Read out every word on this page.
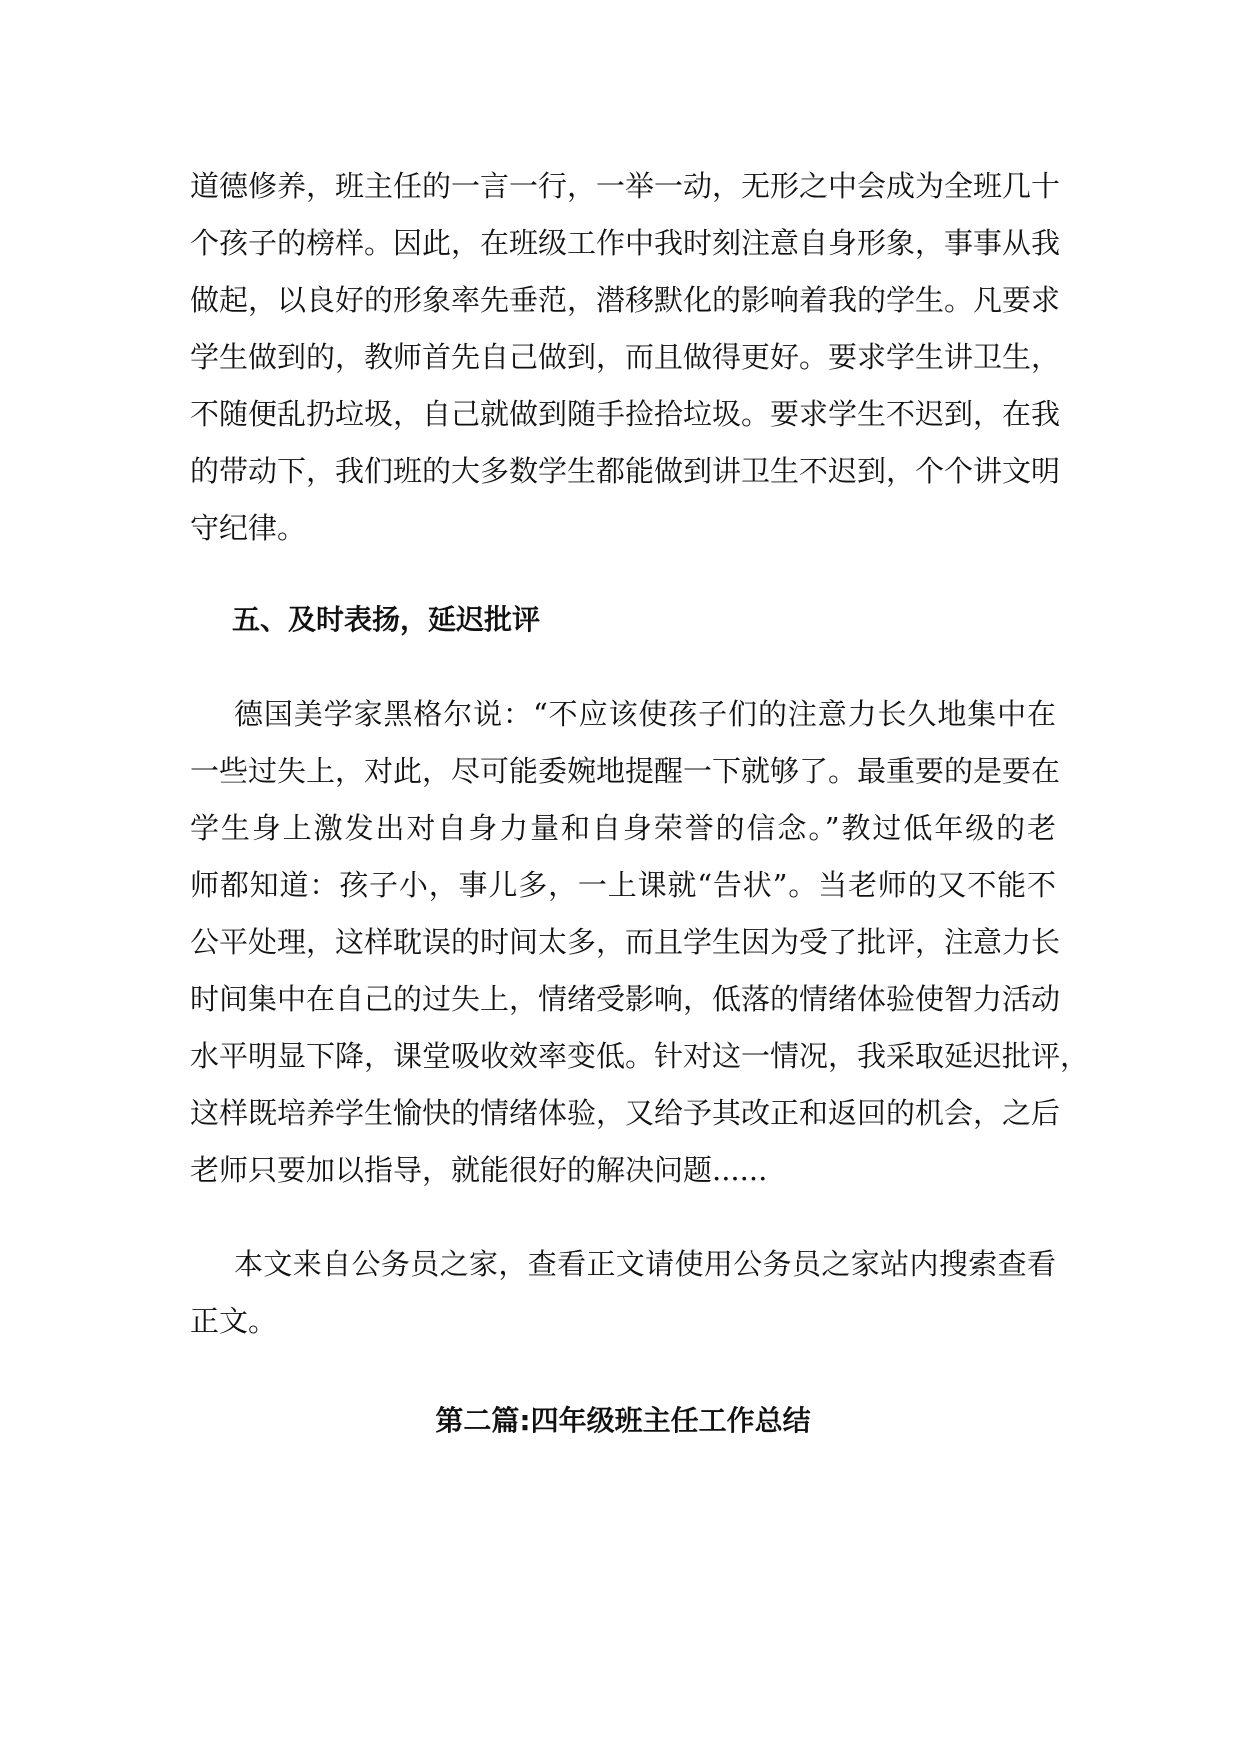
道德修养，班主任的一言一行，一举一动，无形之中会成为全班几十
个孩子的榜样。因此，在班级工作中我时刻注意自身形象，事事从我
做起，以良好的形象率先垂范，潜移默化的影响着我的学生。凡要求
学生做到的，教师首先自己做到，而且做得更好。要求学生讲卫生，
不随便乱扔垃圾，自己就做到随手捡拾垃圾。要求学生不迟到，在我
的带动下，我们班的大多数学生都能做到讲卫生不迟到，个个讲文明
守纪律。
五、及时表扬，延迟批评
德国美学家黑格尔说：“不应该使孩子们的注意力长久地集中在
一些过失上，对此，尽可能委婉地提醒一下就够了。最重要的是要在
学生身上激发出对自身力量和自身荣誉的信念。”教过低年级的老
师都知道：孩子小，事儿多，一上课就“告状”。当老师的又不能不
公平处理，这样耽误的时间太多，而且学生因为受了批评，注意力长
时间集中在自己的过失上，情绪受影响，低落的情绪体验使智力活动
水平明显下降，课堂吸收效率变低。针对这一情况，我采取延迟批评，
这样既培养学生愉快的情绪体验，又给予其改正和返回的机会，之后
老师只要加以指导，就能很好的解决问题......
本文来自公务员之家，查看正文请使用公务员之家站内搜索查看
正文。
第二篇:四年级班主任工作总结
